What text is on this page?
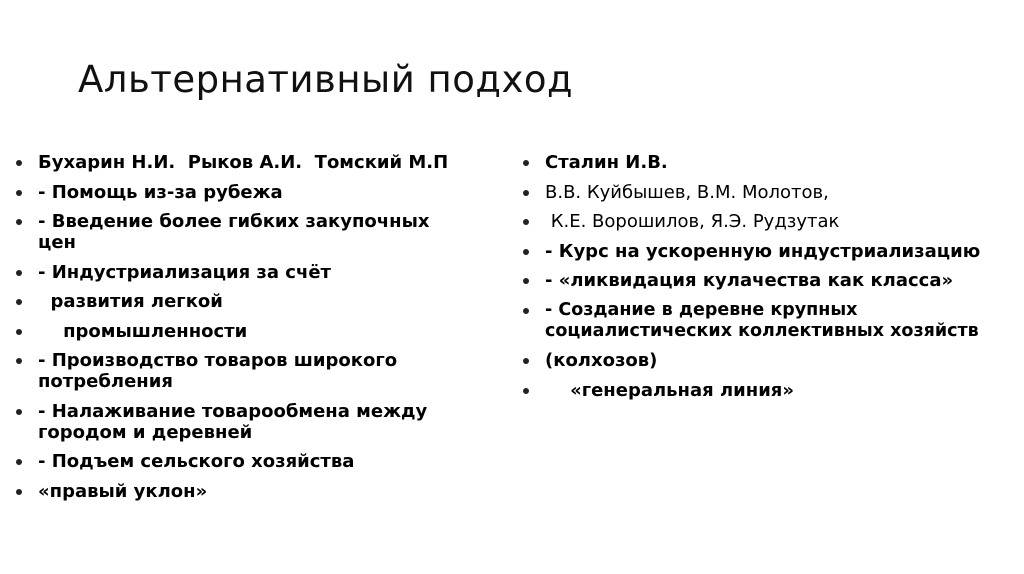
Альтернативный подход
Бухарин Н.И.  Рыков А.И.  Томский М.П
- Помощь из-за рубежа
- Введение более гибких закупочных
цен
- Индустриализация за счёт
развития легкой
промышленности
- Производство товаров широкого
потребления
- Налаживание товарообмена между
городом и деревней
- Подъем сельского хозяйства
«правый уклон»
Сталин И.В.
В.В. Куйбышев, В.М. Молотов,
К.Е. Ворошилов, Я.Э. Рудзутак
- Курс на ускоренную индустриализацию
- «ликвидация кулачества как класса»
- Создание в деревне крупных
социалистических коллективных хозяйств
(колхозов)
«генеральная линия»
